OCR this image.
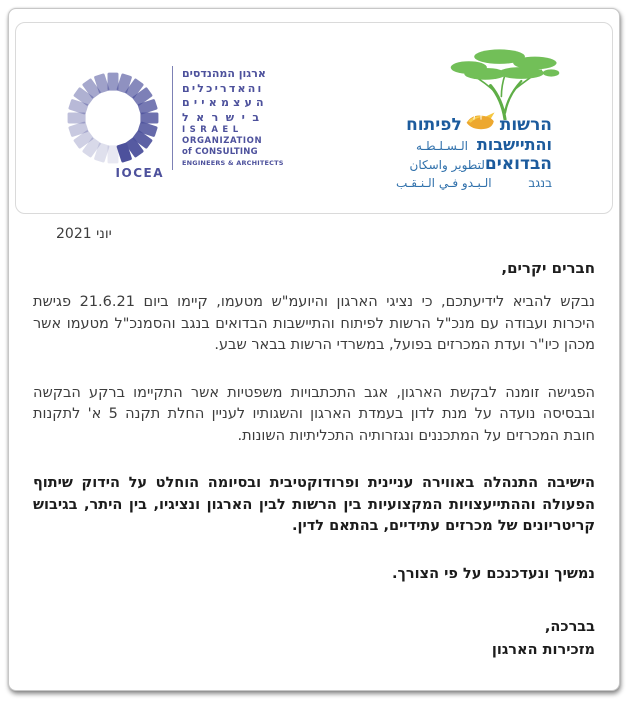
IOCEA
ארגון המהנדסים
והאדריכלים
העצמאיים
בישראל
ISRAEL
ORGANIZATION
of CONSULTING
ENGINEERS & ARCHITECTS
הרשות
לפיתוח
והתיישבות
الـسـلـطـه
הבדואים
لتطوير واسكان
בנגב
الـبـدو فـي الـنـقـب
יוני 2021
חברים יקרים,

נבקש להביא לידיעתכם, כי נציגי הארגון והיועמ"ש מטעמו, קיימו ביום 21.6.21 פגישת היכרות ועבודה עם מנכ"ל הרשות לפיתוח והתיישבות הבדואים בנגב והסמנכ"ל מטעמו אשר מכהן כיו"ר ועדת המכרזים בפועל, במשרדי הרשות בבאר שבע.

הפגישה זומנה לבקשת הארגון, אגב התכתבויות משפטיות אשר התקיימו ברקע הבקשה ובבסיסה נועדה על מנת לדון בעמדת הארגון והשגותיו לעניין החלת תקנה 5 א' לתקנות חובת המכרזים על המתכננים ונגזרותיה התכליתיות השונות.

הישיבה התנהלה באווירה עניינית ופרודוקטיבית ובסיומה הוחלט על הידוק שיתוף הפעולה וההתייעצויות המקצועיות בין הרשות לבין הארגון ונציגיו, בין היתר, בגיבוש קריטריונים של מכרזים עתידיים, בהתאם לדין.

נמשיך ונעדכנכם על פי הצורך.

בברכה,
מזכירות הארגון
